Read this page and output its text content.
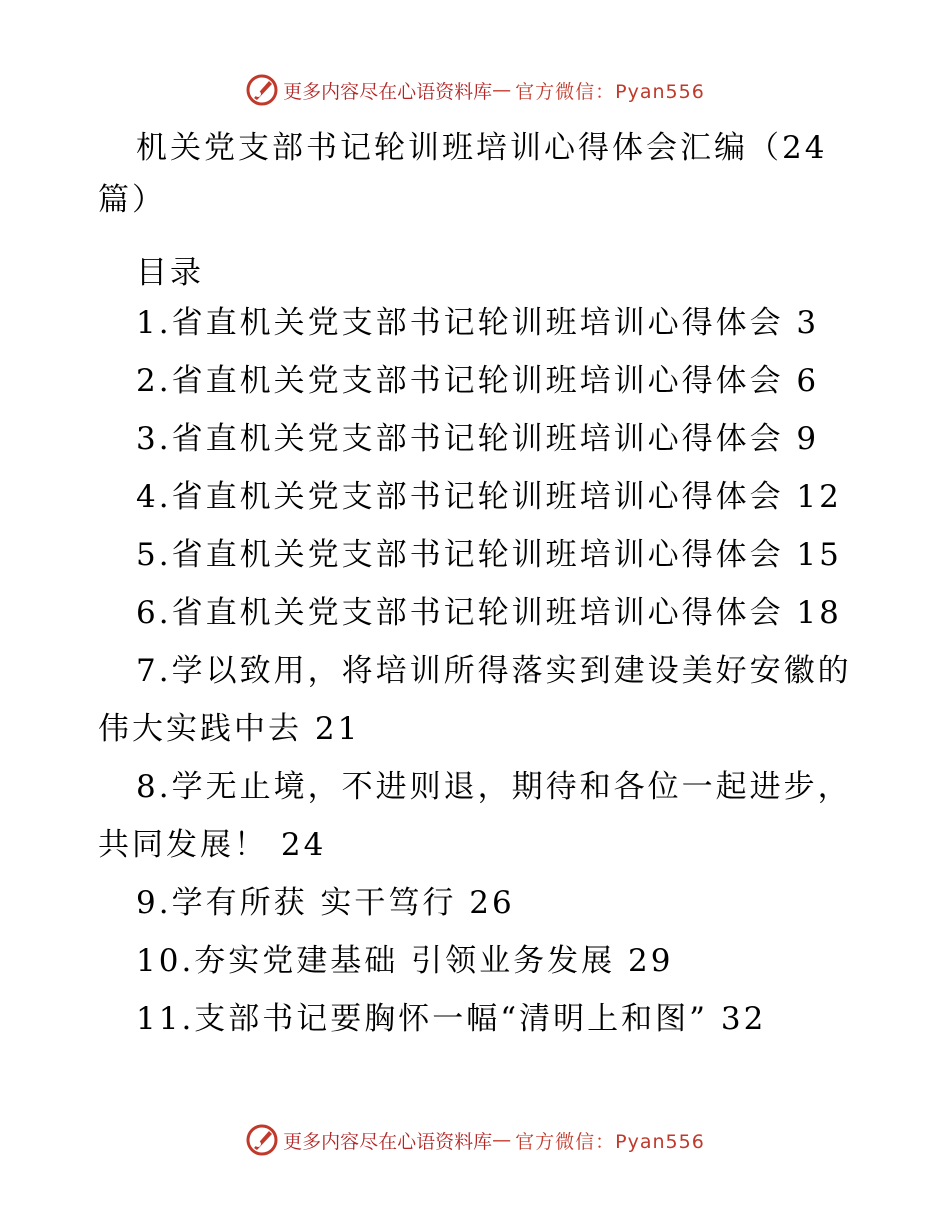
更多内容尽在心语资料库 — 官方微信：Pyan556
机关党支部书记轮训班培训心得体会汇编（24
篇）
目录
1.省直机关党支部书记轮训班培训心得体会 3
2.省直机关党支部书记轮训班培训心得体会 6
3.省直机关党支部书记轮训班培训心得体会 9
4.省直机关党支部书记轮训班培训心得体会 12
5.省直机关党支部书记轮训班培训心得体会 15
6.省直机关党支部书记轮训班培训心得体会 18
7.学以致用，将培训所得落实到建设美好安徽的
伟大实践中去 21
8.学无止境，不进则退，期待和各位一起进步，
共同发展！ 24
9.学有所获 实干笃行 26
10.夯实党建基础 引领业务发展 29
11.支部书记要胸怀一幅“清明上和图” 32
更多内容尽在心语资料库 — 官方微信：Pyan556
